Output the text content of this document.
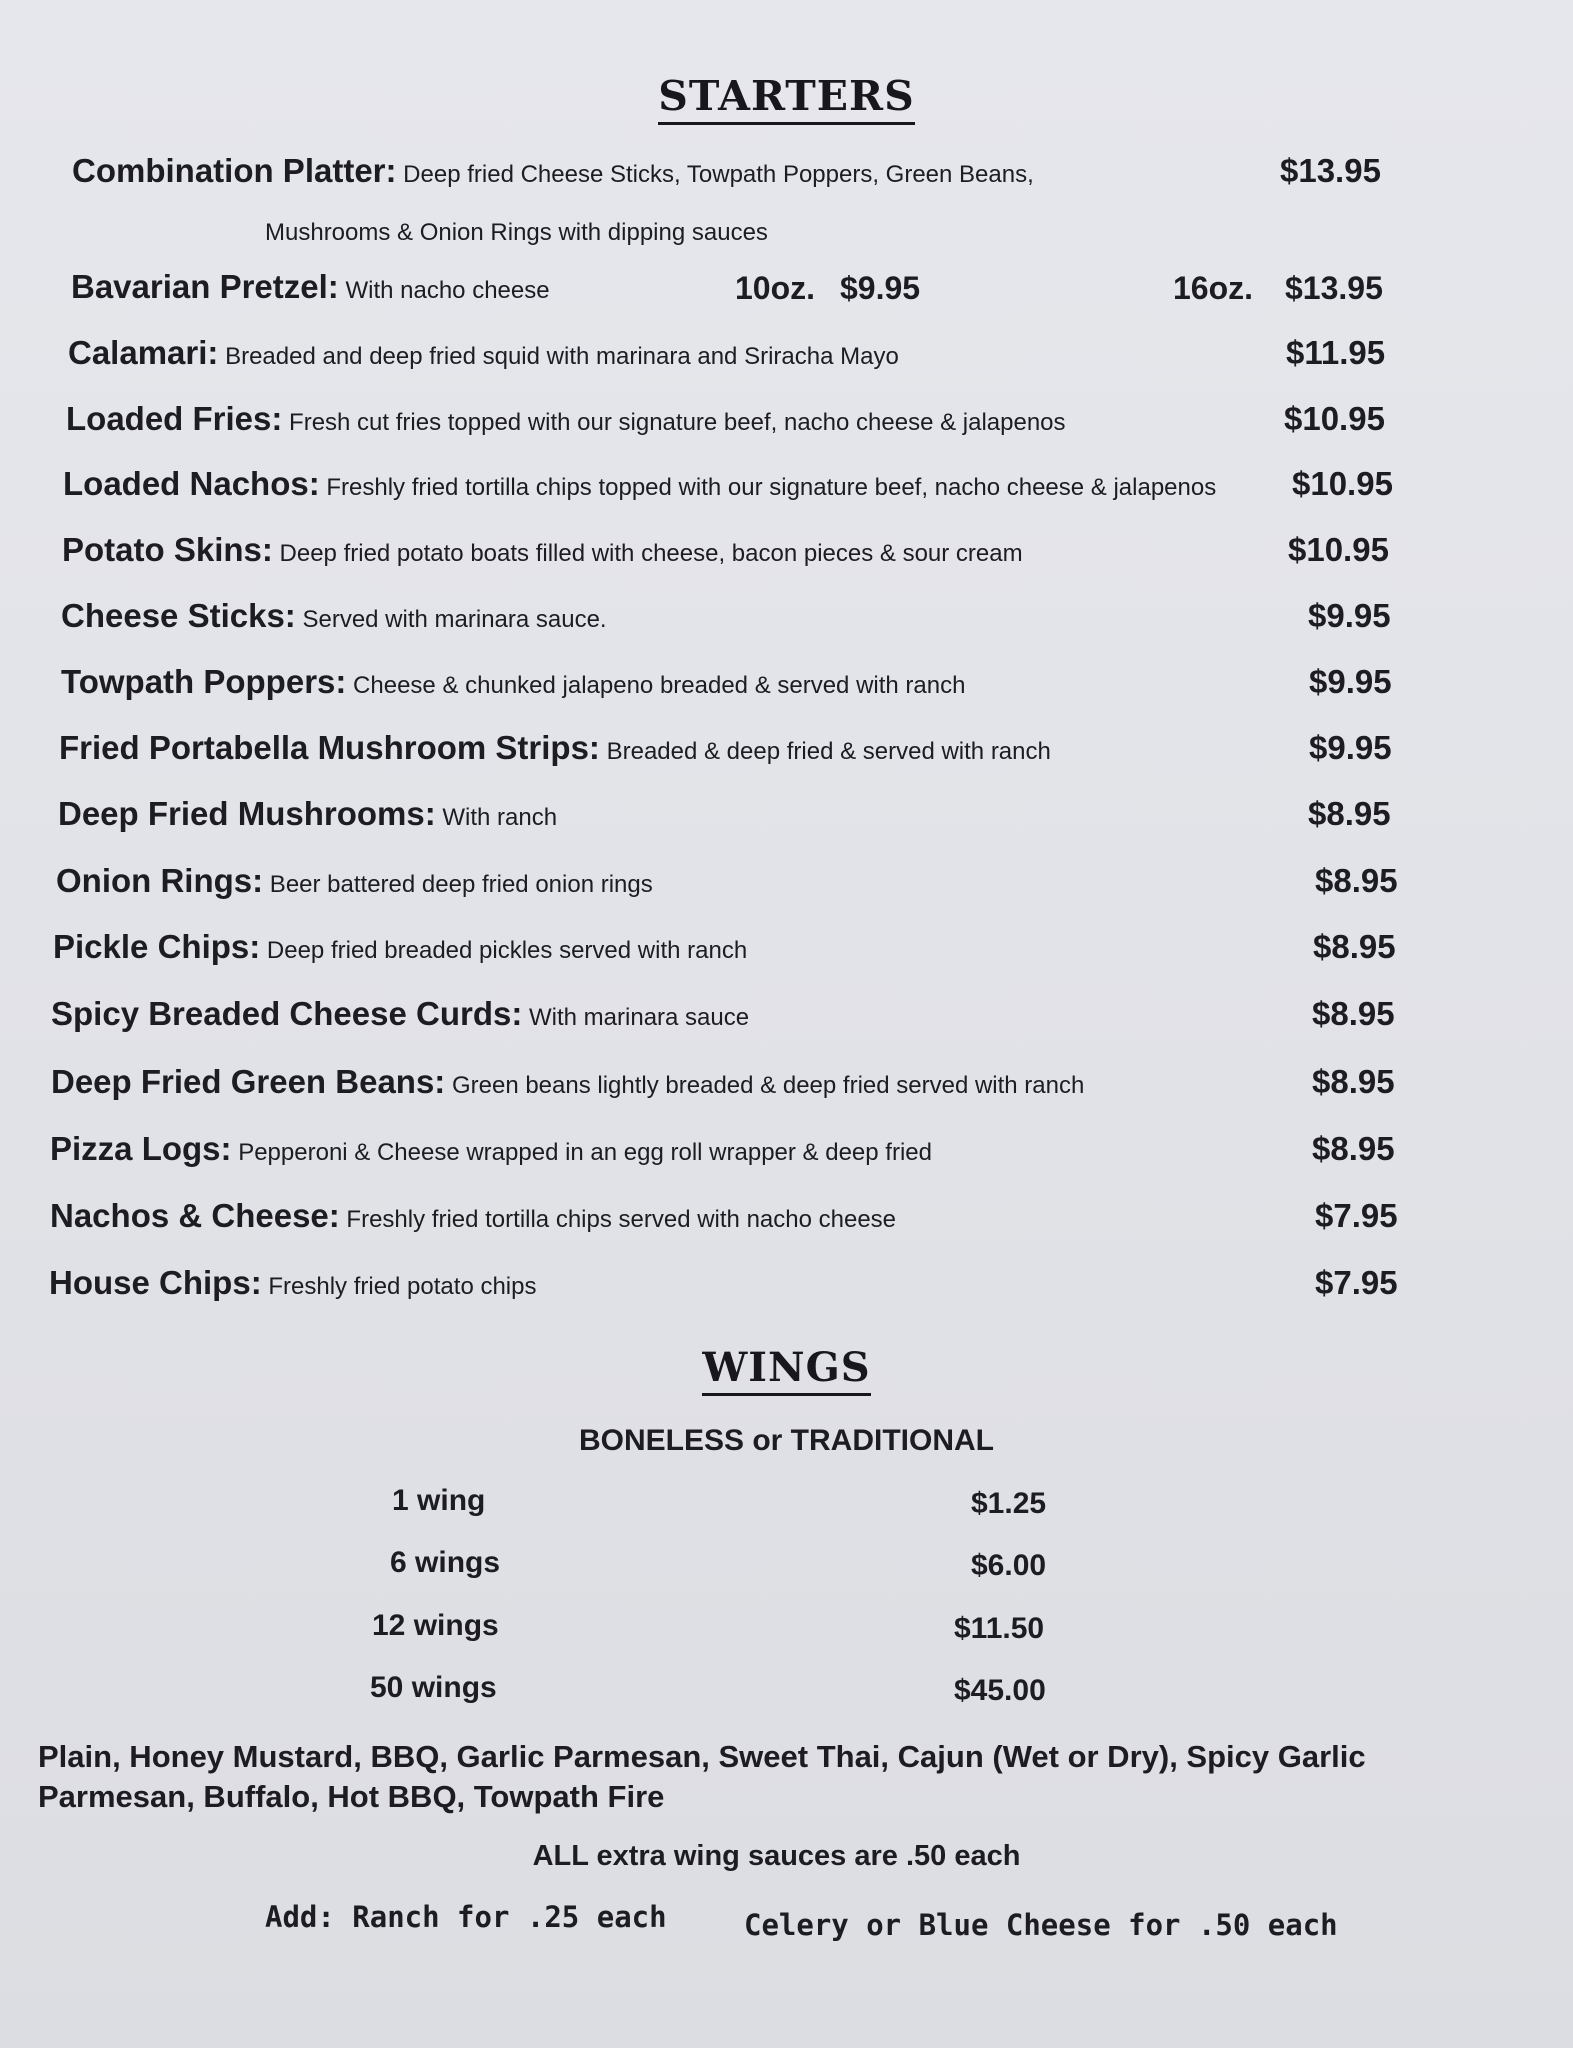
STARTERS
Combination Platter: Deep fried Cheese Sticks, Towpath Poppers, Green Beans,	$13.95
Mushrooms & Onion Rings with dipping sauces
Bavarian Pretzel: With nacho cheese	10oz. $9.95	16oz. $13.95
Calamari: Breaded and deep fried squid with marinara and Sriracha Mayo	$11.95
Loaded Fries: Fresh cut fries topped with our signature beef, nacho cheese & jalapenos	$10.95
Loaded Nachos: Freshly fried tortilla chips topped with our signature beef, nacho cheese & jalapenos $10.95
Potato Skins: Deep fried potato boats filled with cheese, bacon pieces & sour cream	$10.95
Cheese Sticks: Served with marinara sauce.	$9.95
Towpath Poppers: Cheese & chunked jalapeno breaded & served with ranch	$9.95
Fried Portabella Mushroom Strips: Breaded & deep fried & served with ranch	$9.95
Deep Fried Mushrooms: With ranch	$8.95
Onion Rings: Beer battered deep fried onion rings	$8.95
Pickle Chips: Deep fried breaded pickles served with ranch	$8.95
Spicy Breaded Cheese Curds: With marinara sauce	$8.95
Deep Fried Green Beans: Green beans lightly breaded & deep fried served with ranch	$8.95
Pizza Logs: Pepperoni & Cheese wrapped in an egg roll wrapper & deep fried	$8.95
Nachos & Cheese: Freshly fried tortilla chips served with nacho cheese	$7.95
House Chips: Freshly fried potato chips	$7.95
WINGS
BONELESS or TRADITIONAL
1 wing	$1.25
6 wings	$6.00
12 wings	$11.50
50 wings	$45.00
Plain, Honey Mustard, BBQ, Garlic Parmesan, Sweet Thai, Cajun (Wet or Dry), Spicy Garlic Parmesan, Buffalo, Hot BBQ, Towpath Fire
ALL extra wing sauces are .50 each
Add: Ranch for .25 each	Celery or Blue Cheese for .50 each
